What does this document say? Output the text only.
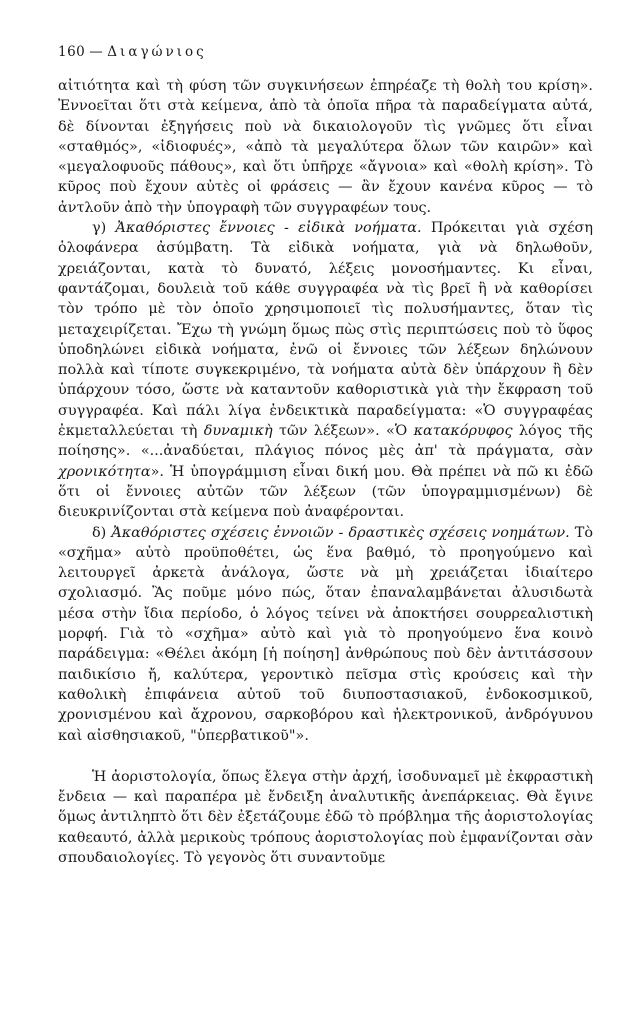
160 — Διαγώνιος

αἰτιότητα καὶ τὴ φύση τῶν συγκινήσεων ἐπηρέαζε τὴ θολὴ του κρίση». Ἐννοεῖται ὅτι στὰ κείμενα, ἀπὸ τὰ ὁποῖα πῆρα τὰ παραδείγματα αὐτά, δὲ δίνονται ἐξηγήσεις ποὺ νὰ δικαιολογοῦν τὶς γνῶμες ὅτι εἶναι «σταθμός», «ἰδιοφυές», «ἀπὸ τὰ μεγαλύτερα ὅλων τῶν καιρῶν» καὶ «μεγαλοφυοῦς πάθους», καὶ ὅτι ὑπῆρχε «ἄγνοια» καὶ «θολὴ κρίση». Τὸ κῦρος ποὺ ἔχουν αὐτὲς οἱ φράσεις — ἂν ἔχουν κανένα κῦρος — τὸ ἀντλοῦν ἀπὸ τὴν ὑπογραφὴ τῶν συγγραφέων τους.

γ) Ἀκαθόριστες ἔννοιες - εἰδικὰ νοήματα. Πρόκειται γιὰ σχέση ὁλοφάνερα ἀσύμβατη. Τὰ εἰδικὰ νοήματα, γιὰ νὰ δηλωθοῦν, χρειάζονται, κατὰ τὸ δυνατό, λέξεις μονοσήμαντες. Κι εἶναι, φαντάζομαι, δουλειὰ τοῦ κάθε συγγραφέα νὰ τὶς βρεῖ ἢ νὰ καθορίσει τὸν τρόπο μὲ τὸν ὁποῖο χρησιμοποιεῖ τὶς πολυσήμαντες, ὅταν τὶς μεταχειρίζεται. Ἔχω τὴ γνώμη ὅμως πὼς στὶς περιπτώσεις ποὺ τὸ ὕφος ὑποδηλώνει εἰδικὰ νοήματα, ἐνῶ οἱ ἔννοιες τῶν λέξεων δηλώνουν πολλὰ καὶ τίποτε συγκεκριμένο, τὰ νοήματα αὐτὰ δὲν ὑπάρχουν ἢ δὲν ὑπάρχουν τόσο, ὥστε νὰ καταντοῦν καθοριστικὰ γιὰ τὴν ἔκφραση τοῦ συγγραφέα. Καὶ πάλι λίγα ἐνδεικτικὰ παραδείγματα: «Ὁ συγγραφέας ἐκμεταλλεύεται τὴ δυναμικὴ τῶν λέξεων». «Ὁ κατακόρυφος λόγος τῆς ποίησης». «...ἀναδύεται, πλάγιος πόνος μὲς ἀπ' τὰ πράγματα, σὰν χρονικότητα». Ἡ ὑπογράμμιση εἶναι δική μου. Θὰ πρέπει νὰ πῶ κι ἐδῶ ὅτι οἱ ἔννοιες αὐτῶν τῶν λέξεων (τῶν ὑπογραμμισμένων) δὲ διευκρινίζονται στὰ κείμενα ποὺ ἀναφέρονται.

δ) Ἀκαθόριστες σχέσεις ἐννοιῶν - δραστικὲς σχέσεις νοημάτων. Τὸ «σχῆμα» αὐτὸ προϋποθέτει, ὡς ἕνα βαθμό, τὸ προηγούμενο καὶ λειτουργεῖ ἀρκετὰ ἀνάλογα, ὥστε νὰ μὴ χρειάζεται ἰδιαίτερο σχολιασμό. Ἂς ποῦμε μόνο πώς, ὅταν ἐπαναλαμβάνεται ἀλυσιδωτὰ μέσα στὴν ἴδια περίοδο, ὁ λόγος τείνει νὰ ἀποκτήσει σουρρεαλιστικὴ μορφή. Γιὰ τὸ «σχῆμα» αὐτὸ καὶ γιὰ τὸ προηγούμενο ἕνα κοινὸ παράδειγμα: «Θέλει ἀκόμη [ἡ ποίηση] ἀνθρώπους ποὺ δὲν ἀντιτάσσουν παιδικίσιο ἤ, καλύτερα, γεροντικὸ πεῖσμα στὶς κρούσεις καὶ τὴν καθολικὴ ἐπιφάνεια αὐτοῦ τοῦ διυποστασιακοῦ, ἐνδοκοσμικοῦ, χρονισμένου καὶ ἄχρονου, σαρκοβόρου καὶ ἠλεκτρονικοῦ, ἀνδρόγυνου καὶ αἰσθησιακοῦ, "ὑπερβατικοῦ"».

Ἡ ἀοριστολογία, ὅπως ἔλεγα στὴν ἀρχή, ἰσοδυναμεῖ μὲ ἐκφραστικὴ ἔνδεια — καὶ παραπέρα μὲ ἔνδειξη ἀναλυτικῆς ἀνεπάρκειας. Θὰ ἔγινε ὅμως ἀντιληπτὸ ὅτι δὲν ἐξετάζουμε ἐδῶ τὸ πρόβλημα τῆς ἀοριστολογίας καθεαυτό, ἀλλὰ μερικοὺς τρόπους ἀοριστολογίας ποὺ ἐμφανίζονται σὰν σπουδαιολογίες. Τὸ γεγονὸς ὅτι συναντοῦμε
